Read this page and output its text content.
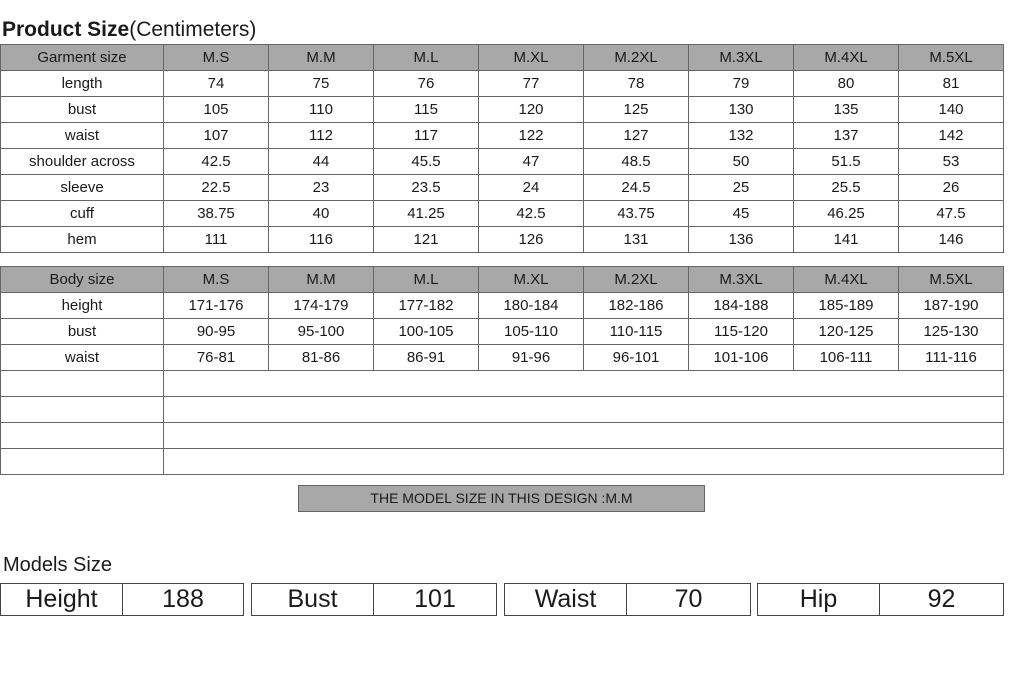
Product Size(Centimeters)
Garment size	M.S	M.M	M.L	M.XL	M.2XL	M.3XL	M.4XL	M.5XL
length	74	75	76	77	78	79	80	81
bust	105	110	115	120	125	130	135	140
waist	107	112	117	122	127	132	137	142
shoulder across	42.5	44	45.5	47	48.5	50	51.5	53
sleeve	22.5	23	23.5	24	24.5	25	25.5	26
cuff	38.75	40	41.25	42.5	43.75	45	46.25	47.5
hem	111	116	121	126	131	136	141	146
Body size	M.S	M.M	M.L	M.XL	M.2XL	M.3XL	M.4XL	M.5XL
height	171-176	174-179	177-182	180-184	182-186	184-188	185-189	187-190
bust	90-95	95-100	100-105	105-110	110-115	115-120	120-125	125-130
waist	76-81	81-86	86-91	91-96	96-101	101-106	106-111	111-116

THE MODEL SIZE IN THIS DESIGN :M.M
Models Size
Height	188	Bust	101	Waist	70	Hip	92
